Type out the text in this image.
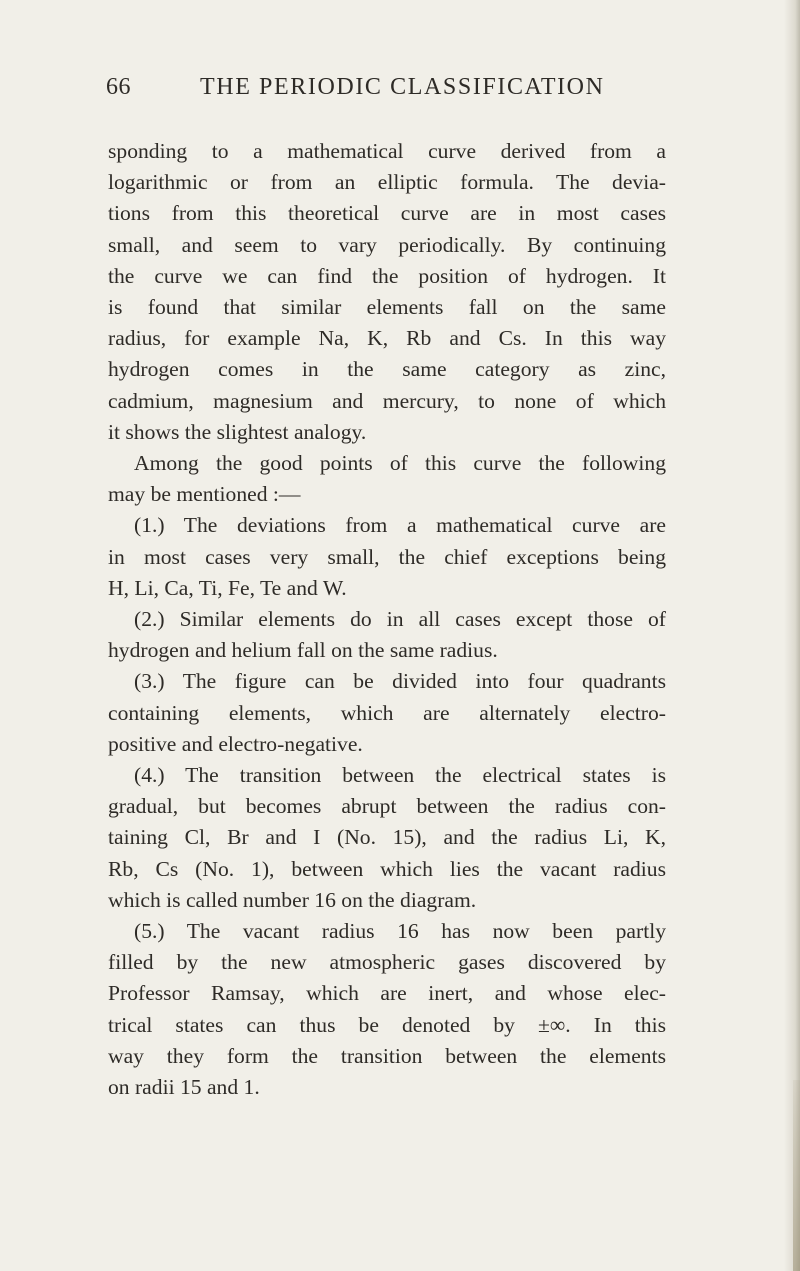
66	THE PERIODIC CLASSIFICATION

sponding to a mathematical curve derived from a

logarithmic or from an elliptic formula. The devia-

tions from this theoretical curve are in most cases

small, and seem to vary periodically. By continuing

the curve we can find the position of hydrogen. It

is found that similar elements fall on the same

radius, for example Na, K, Rb and Cs. In this way

hydrogen comes in the same category as zinc,

cadmium, magnesium and mercury, to none of which

it shows the slightest analogy.

Among the good points of this curve the following

may be mentioned :—

(1.) The deviations from a mathematical curve are

in most cases very small, the chief exceptions being

H, Li, Ca, Ti, Fe, Te and W.

(2.) Similar elements do in all cases except those of

hydrogen and helium fall on the same radius.

(3.) The figure can be divided into four quadrants

containing elements, which are alternately electro-

positive and electro-negative.

(4.) The transition between the electrical states is

gradual, but becomes abrupt between the radius con-

taining Cl, Br and I (No. 15), and the radius Li, K,

Rb, Cs (No. 1), between which lies the vacant radius

which is called number 16 on the diagram.

(5.) The vacant radius 16 has now been partly

filled by the new atmospheric gases discovered by

Professor Ramsay, which are inert, and whose elec-

trical states can thus be denoted by ±∞. In this

way they form the transition between the elements

on radii 15 and 1.
